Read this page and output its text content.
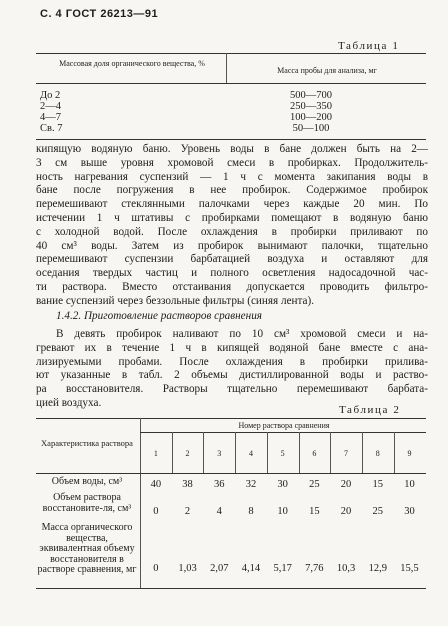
С. 4 ГОСТ 26213—91
Таблица 1
Массовая доля органического вещества, %
Масса пробы для анализа, мг
До 2	500—700
2—4	250—350
4—7	100—200
Св. 7	50—100
кипящую водяную баню. Уровень воды в бане должен быть на 2—
3 см выше уровня хромовой смеси в пробирках. Продолжитель-
ность нагревания суспензий — 1 ч с момента закипания воды в
бане после погружения в нее пробирок. Содержимое пробирок
перемешивают стеклянными палочками через каждые 20 мин. По
истечении 1 ч штативы с пробирками помещают в водяную баню
с холодной водой. После охлаждения в пробирки приливают по
40 см³ воды. Затем из пробирок вынимают палочки, тщательно
перемешивают суспензии барбатацией воздуха и оставляют для
оседания твердых частиц и полного осветления надосадочной час-
ти раствора. Вместо отстаивания допускается проводить фильтро-
вание суспензий через беззольные фильтры (синяя лента).
1.4.2. Приготовление растворов сравнения
В девять пробирок наливают по 10 см³ хромовой смеси и на-
гревают их в течение 1 ч в кипящей водяной бане вместе с ана-
лизируемыми пробами. После охлаждения в пробирки прилива-
ют указанные в табл. 2 объемы дистиллированной воды и раство-
ра восстановителя. Растворы тщательно перемешивают барбата-
цией воздуха.
Таблица 2
Характеристика раствора
Номер раствора сравнения
1	2	3	4	5	6	7	8	9
Объем воды, см³	40	38	36	32	30	25	20	15	10
Объем раствора восстановите-ля, см³	0	2	4	8	10	15	20	25	30
Масса органического вещества, эквивалентная объему восстановителя в растворе сравнения, мг	0	1,03 2,07 4,14 5,17 7,76 10,3 12,9 15,5
